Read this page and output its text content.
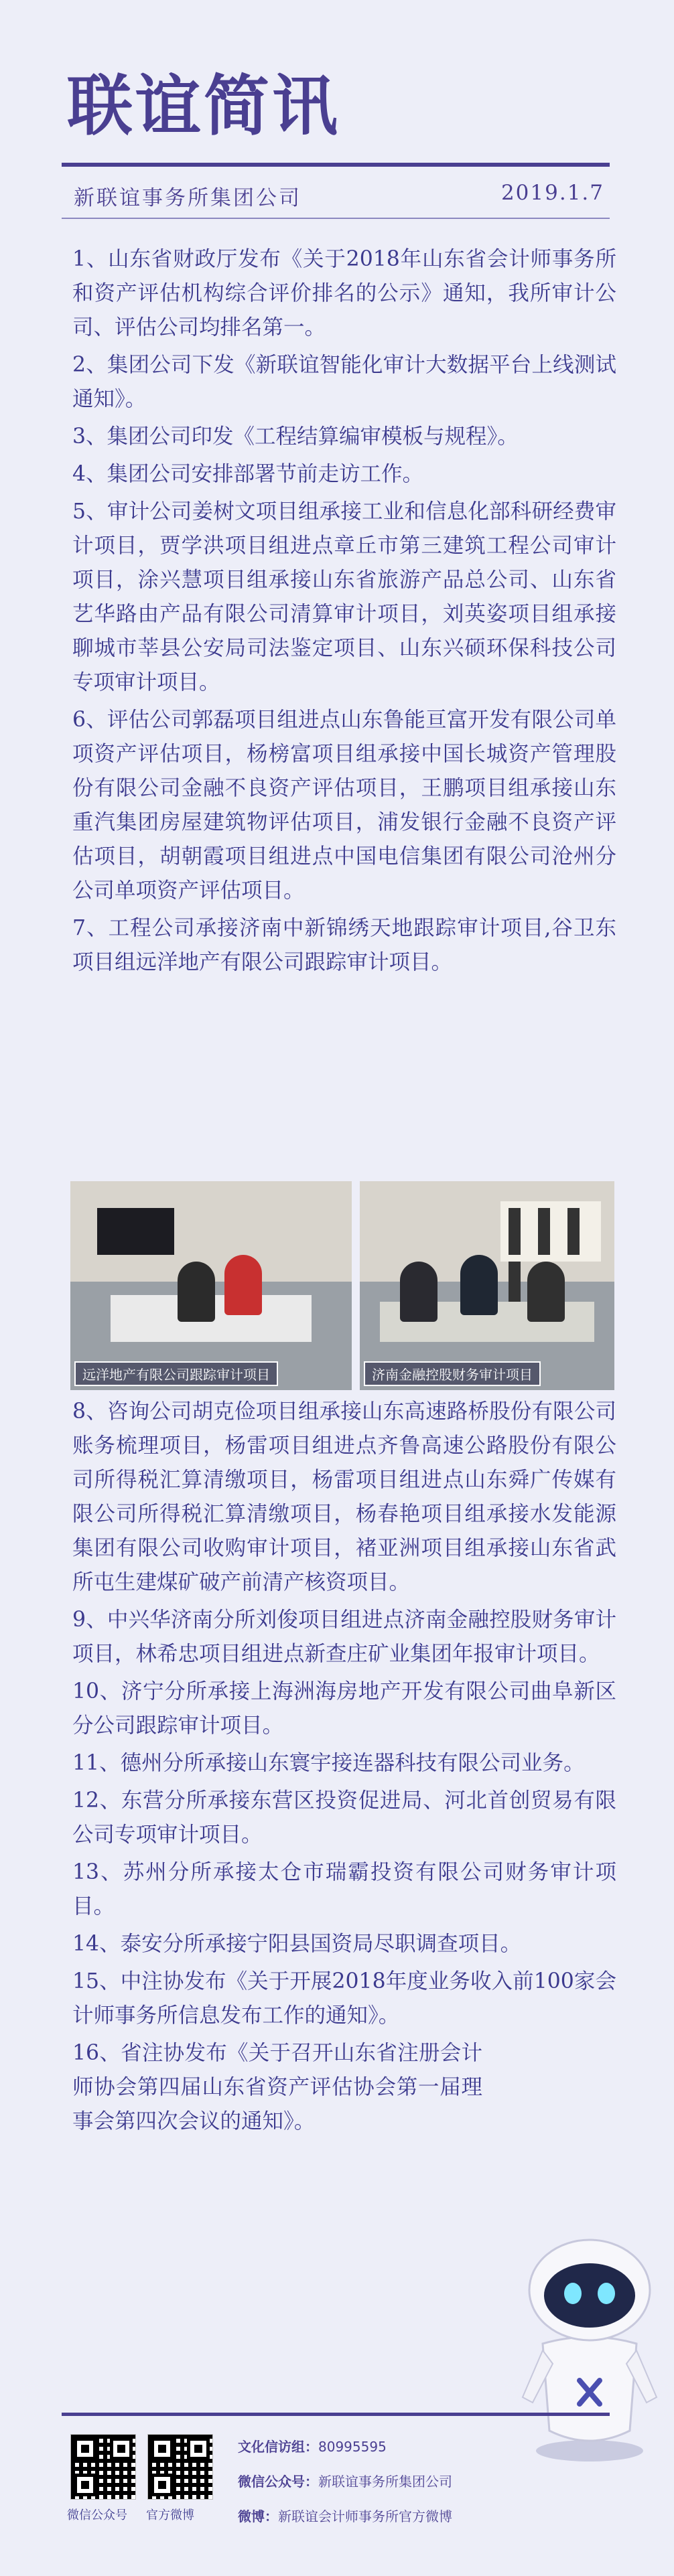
联谊简讯
新联谊事务所集团公司	2019.1.7

1、山东省财政厅发布《关于2018年山东省会计师事务所和资产评估机构综合评价排名的公示》通知，我所审计公司、评估公司均排名第一。

2、集团公司下发《新联谊智能化审计大数据平台上线测试通知》。

3、集团公司印发《工程结算编审模板与规程》。

4、集团公司安排部署节前走访工作。

5、审计公司姜树文项目组承接工业和信息化部科研经费审计项目，贾学洪项目组进点章丘市第三建筑工程公司审计项目，涂兴慧项目组承接山东省旅游产品总公司、山东省艺华路由产品有限公司清算审计项目，刘英姿项目组承接聊城市莘县公安局司法鉴定项目、山东兴硕环保科技公司专项审计项目。

6、评估公司郭磊项目组进点山东鲁能亘富开发有限公司单项资产评估项目，杨榜富项目组承接中国长城资产管理股份有限公司金融不良资产评估项目，王鹏项目组承接山东重汽集团房屋建筑物评估项目，浦发银行金融不良资产评估项目，胡朝霞项目组进点中国电信集团有限公司沧州分公司单项资产评估项目。

7、工程公司承接济南中新锦绣天地跟踪审计项目,谷卫东项目组远洋地产有限公司跟踪审计项目。

远洋地产有限公司跟踪审计项目	济南金融控股财务审计项目

8、咨询公司胡克俭项目组承接山东高速路桥股份有限公司账务梳理项目，杨雷项目组进点齐鲁高速公路股份有限公司所得税汇算清缴项目，杨雷项目组进点山东舜广传媒有限公司所得税汇算清缴项目，杨春艳项目组承接水发能源集团有限公司收购审计项目，褚亚洲项目组承接山东省武所屯生建煤矿破产前清产核资项目。

9、中兴华济南分所刘俊项目组进点济南金融控股财务审计项目，林希忠项目组进点新查庄矿业集团年报审计项目。

10、济宁分所承接上海洲海房地产开发有限公司曲阜新区分公司跟踪审计项目。

11、德州分所承接山东寰宇接连器科技有限公司业务。

12、东营分所承接东营区投资促进局、河北首创贸易有限公司专项审计项目。

13、苏州分所承接太仓市瑞霸投资有限公司财务审计项目。

14、泰安分所承接宁阳县国资局尽职调查项目。

15、中注协发布《关于开展2018年度业务收入前100家会计师事务所信息发布工作的通知》。

16、省注协发布《关于召开山东省注册会计师协会第四届山东省资产评估协会第一届理事会第四次会议的通知》。

微信公众号 官方微博
文化信访组：80995595
微信公众号：新联谊事务所集团公司
微博：新联谊会计师事务所官方微博
